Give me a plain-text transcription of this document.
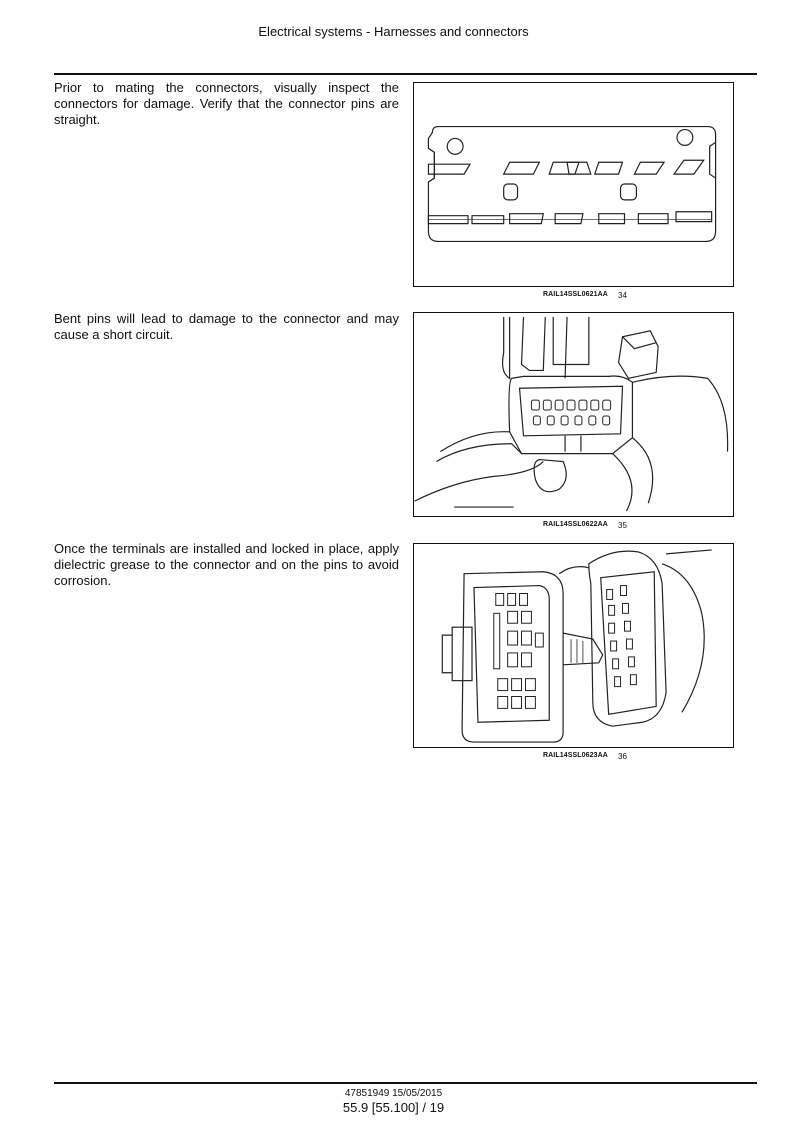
Electrical systems - Harnesses and connectors
Prior to mating the connectors, visually inspect the connectors for damage. Verify that the connector pins are straight.
RAIL14SSL0621AA 34
Bent pins will lead to damage to the connector and may cause a short circuit.
RAIL14SSL0622AA 35
Once the terminals are installed and locked in place, apply dielectric grease to the connector and on the pins to avoid corrosion.
RAIL14SSL0623AA 36
47851949 15/05/2015
55.9 [55.100] / 19
